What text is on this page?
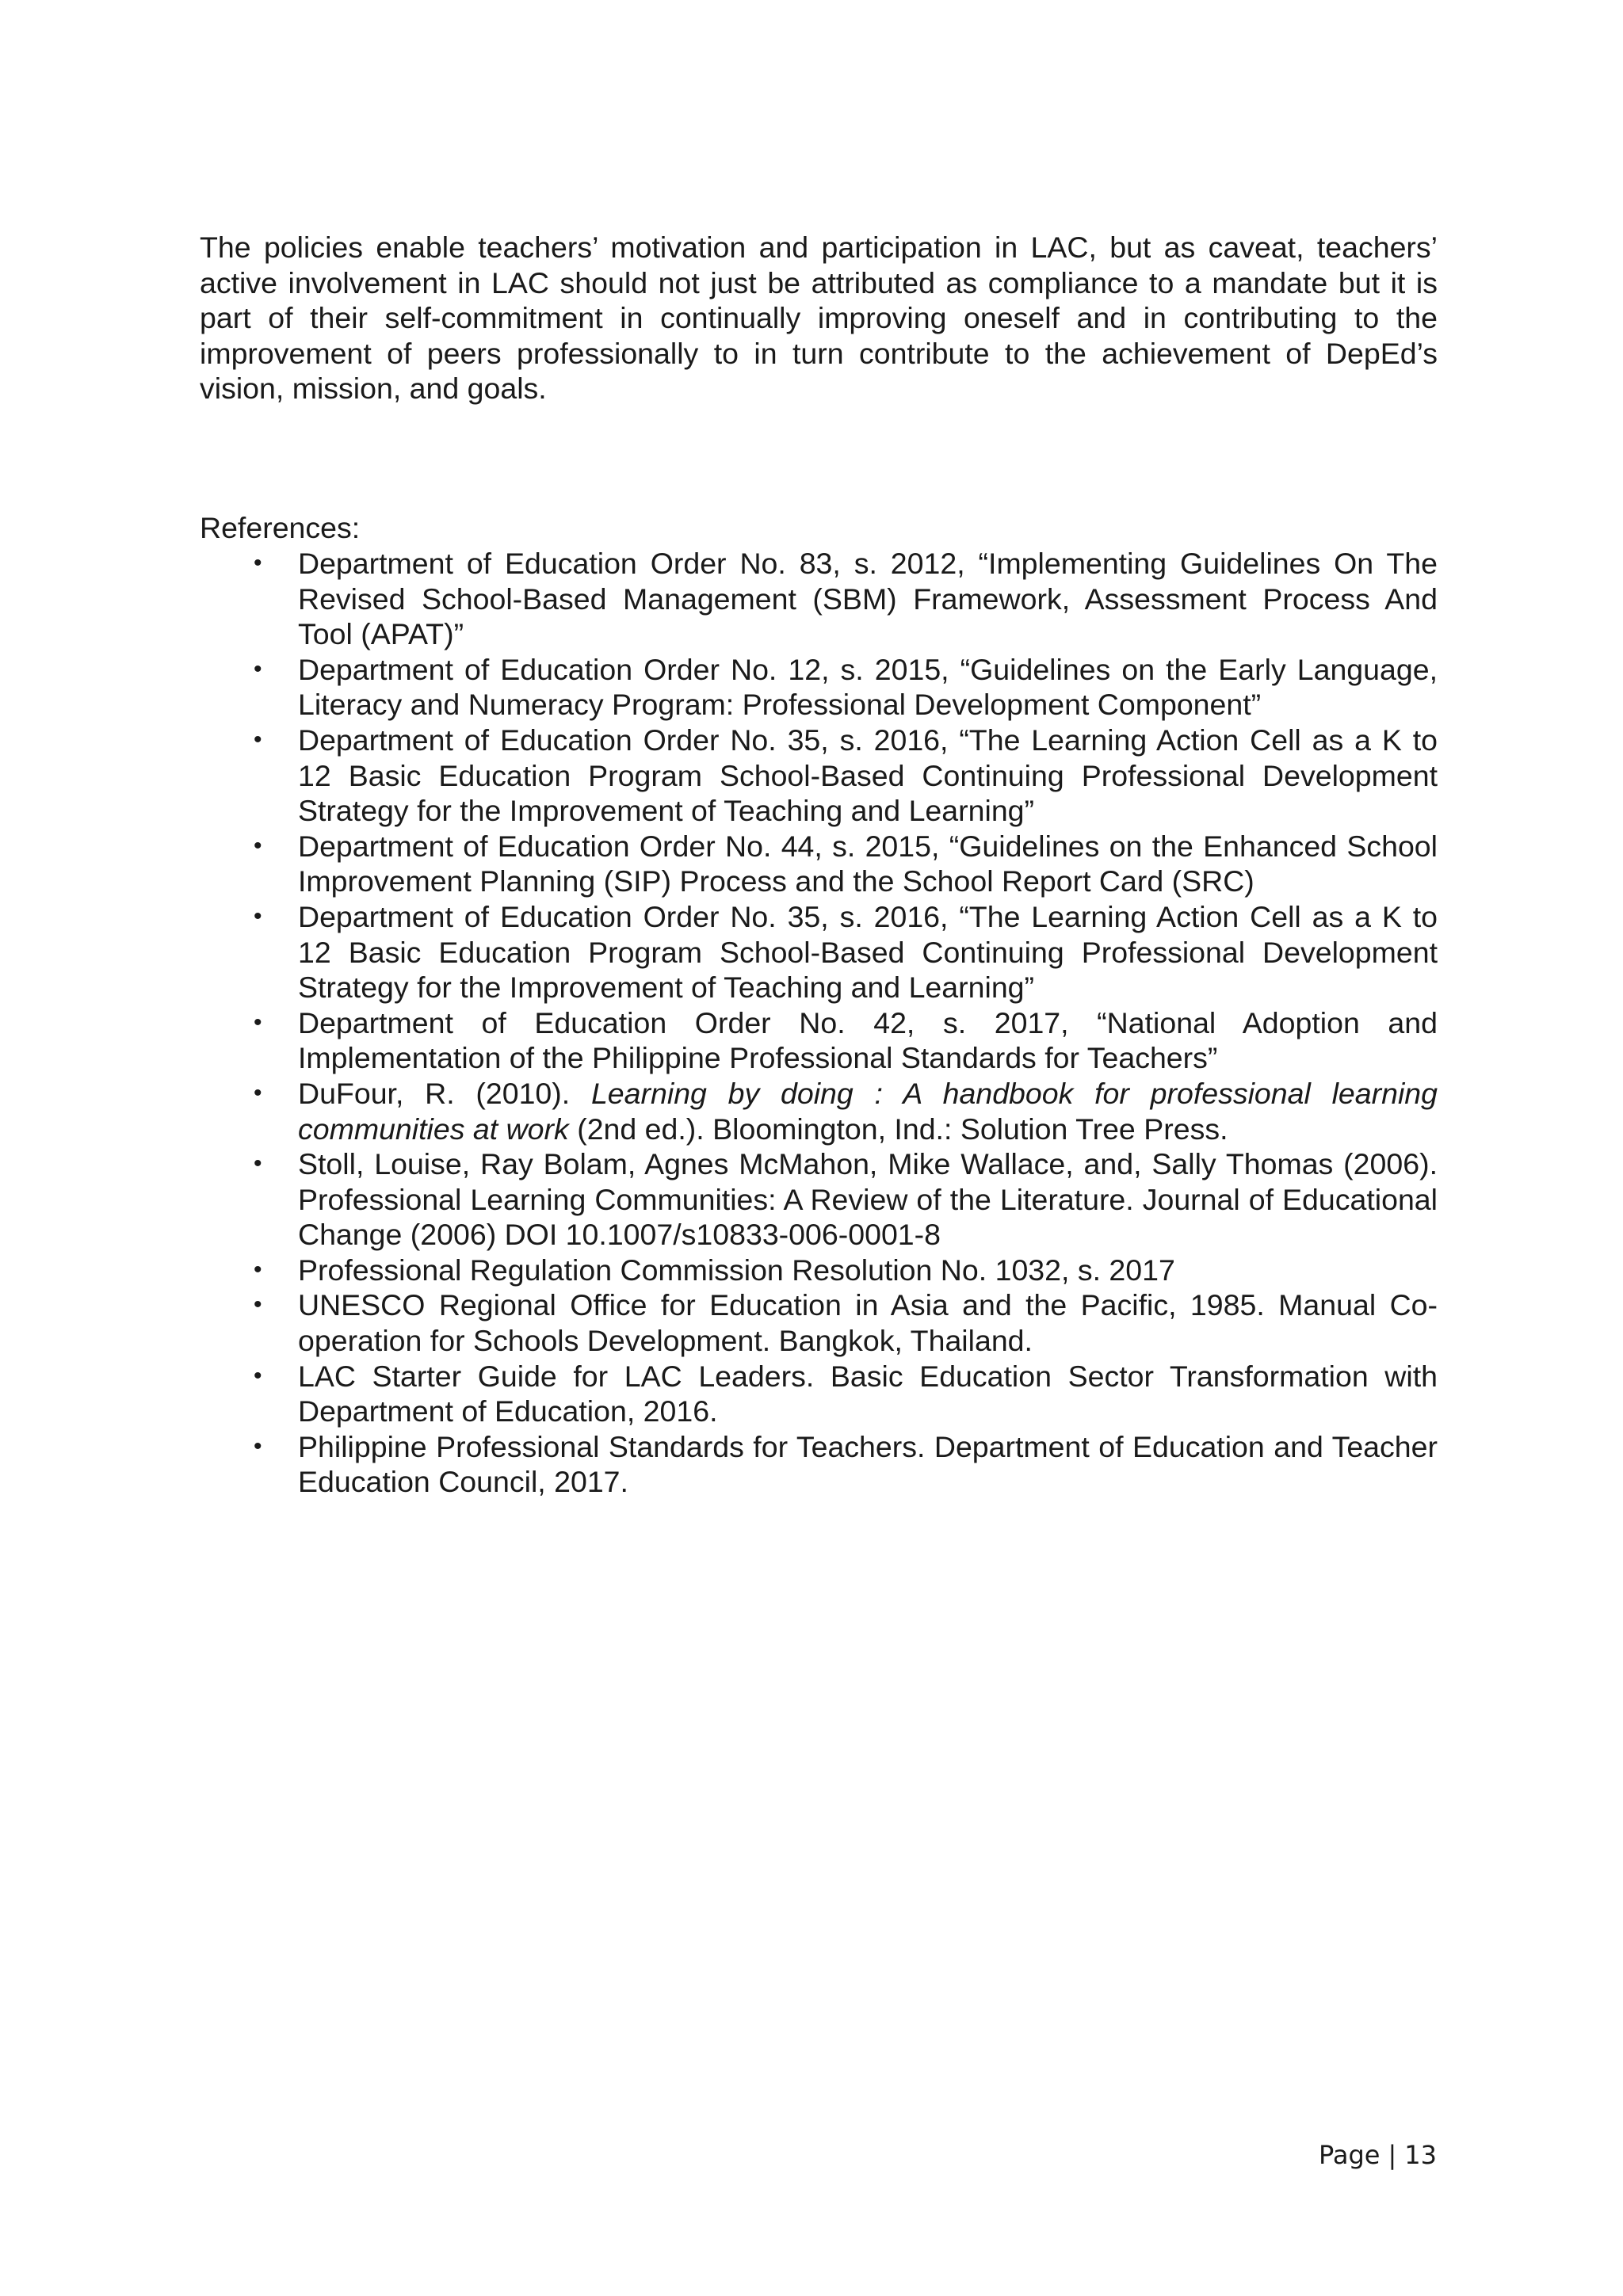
The policies enable teachers’ motivation and participation in LAC, but as caveat, teachers’ active involvement in LAC should not just be attributed as compliance to a mandate but it is part of their self-commitment in continually improving oneself and in contributing to the improvement of peers professionally to in turn contribute to the achievement of DepEd’s vision, mission, and goals.

References:

• Department of Education Order No. 83, s. 2012, “Implementing Guidelines On The Revised School-Based Management (SBM) Framework, Assessment Process And Tool (APAT)”
• Department of Education Order No. 12, s. 2015, “Guidelines on the Early Language, Literacy and Numeracy Program: Professional Development Component”
• Department of Education Order No. 35, s. 2016, “The Learning Action Cell as a K to 12 Basic Education Program School-Based Continuing Professional Development Strategy for the Improvement of Teaching and Learning”
• Department of Education Order No. 44, s. 2015, “Guidelines on the Enhanced School Improvement Planning (SIP) Process and the School Report Card (SRC)
• Department of Education Order No. 35, s. 2016, “The Learning Action Cell as a K to 12 Basic Education Program School-Based Continuing Professional Development Strategy for the Improvement of Teaching and Learning”
• Department of Education Order No. 42, s. 2017, “National Adoption and Implementation of the Philippine Professional Standards for Teachers”
• DuFour, R. (2010). Learning by doing : A handbook for professional learning communities at work (2nd ed.). Bloomington, Ind.: Solution Tree Press.
• Stoll, Louise, Ray Bolam, Agnes McMahon, Mike Wallace, and, Sally Thomas (2006). Professional Learning Communities: A Review of the Literature. Journal of Educational Change (2006) DOI 10.1007/s10833-006-0001-8
• Professional Regulation Commission Resolution No. 1032, s. 2017
• UNESCO Regional Office for Education in Asia and the Pacific, 1985. Manual Co-operation for Schools Development. Bangkok, Thailand.
• LAC Starter Guide for LAC Leaders. Basic Education Sector Transformation with Department of Education, 2016.
• Philippine Professional Standards for Teachers. Department of Education and Teacher Education Council, 2017.
Page | 13
